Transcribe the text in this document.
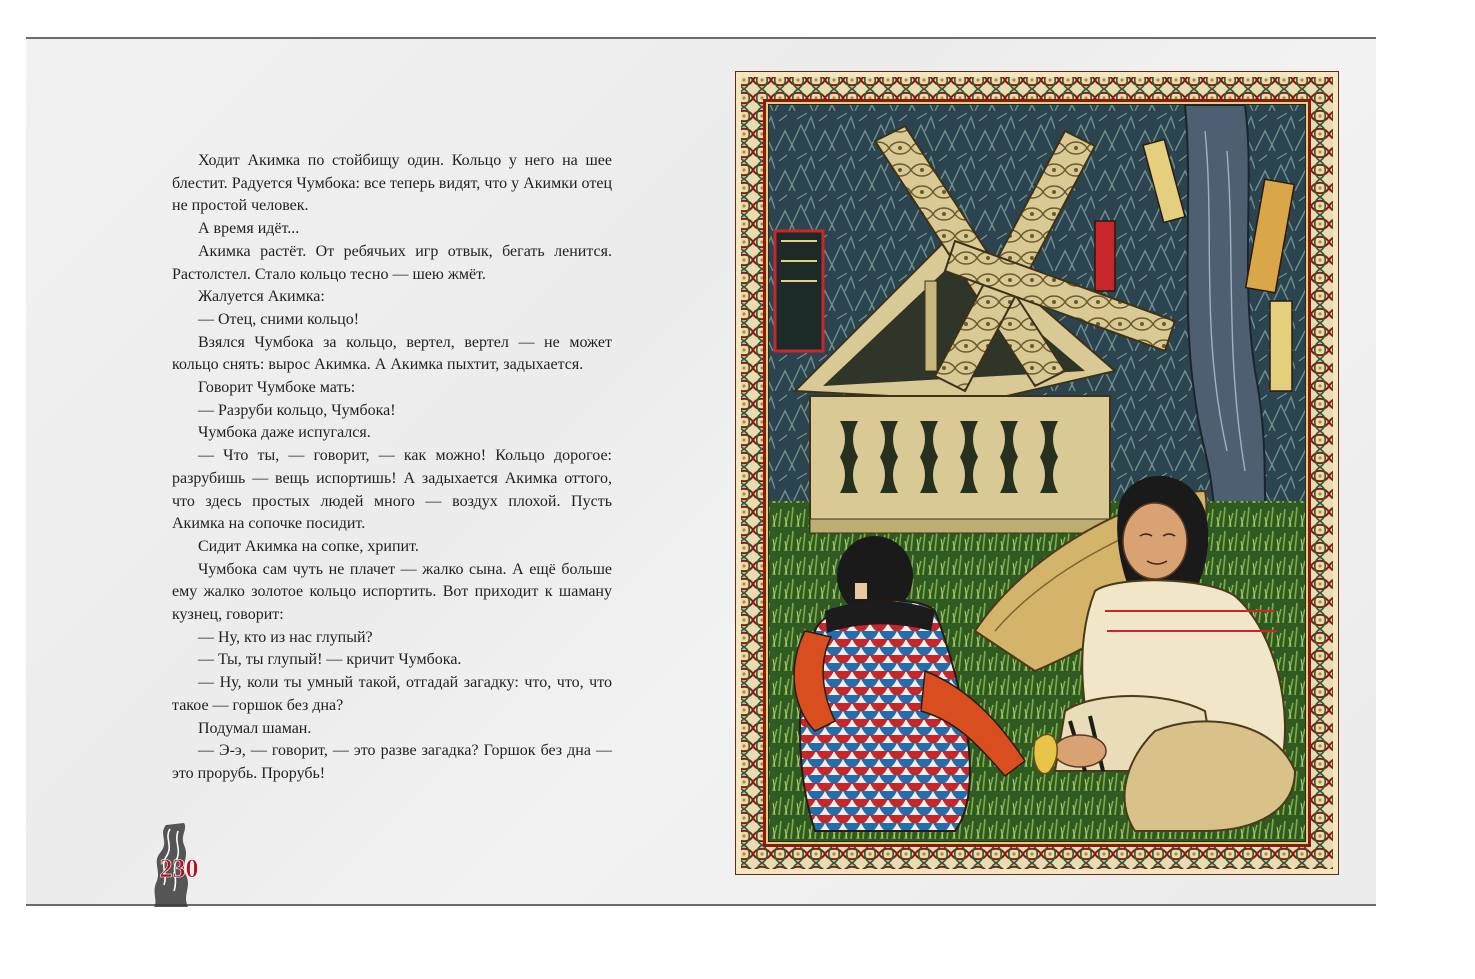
Ходит Акимка по стойбищу один. Кольцо у него на шее блестит. Радуется Чумбока: все теперь видят, что у Акимки отец не простой человек.

А время идёт...

Акимка растёт. От ребячьих игр отвык, бегать ленится. Растолстел. Стало кольцо тесно — шею жмёт.

Жалуется Акимка:

— Отец, сними кольцо!

Взялся Чумбока за кольцо, вертел, вертел — не может кольцо снять: вырос Акимка. А Акимка пыхтит, задыхается.

Говорит Чумбоке мать:

— Разруби кольцо, Чумбока!

Чумбока даже испугался.

— Что ты, — говорит, — как можно! Кольцо дорогое: разрубишь — вещь испортишь! А задыхается Акимка оттого, что здесь простых людей много — воздух плохой. Пусть Акимка на сопочке посидит.

Сидит Акимка на сопке, хрипит.

Чумбока сам чуть не плачет — жалко сына. А ещё больше ему жалко золотое кольцо испортить. Вот приходит к шаману кузнец, говорит:

— Ну, кто из нас глупый?

— Ты, ты глупый! — кричит Чумбока.

— Ну, коли ты умный такой, отгадай загадку: что, что, что такое — горшок без дна?

Подумал шаман.

— Э-э, — говорит, — это разве загадка? Горшок без дна — это прорубь. Прорубь!

230
